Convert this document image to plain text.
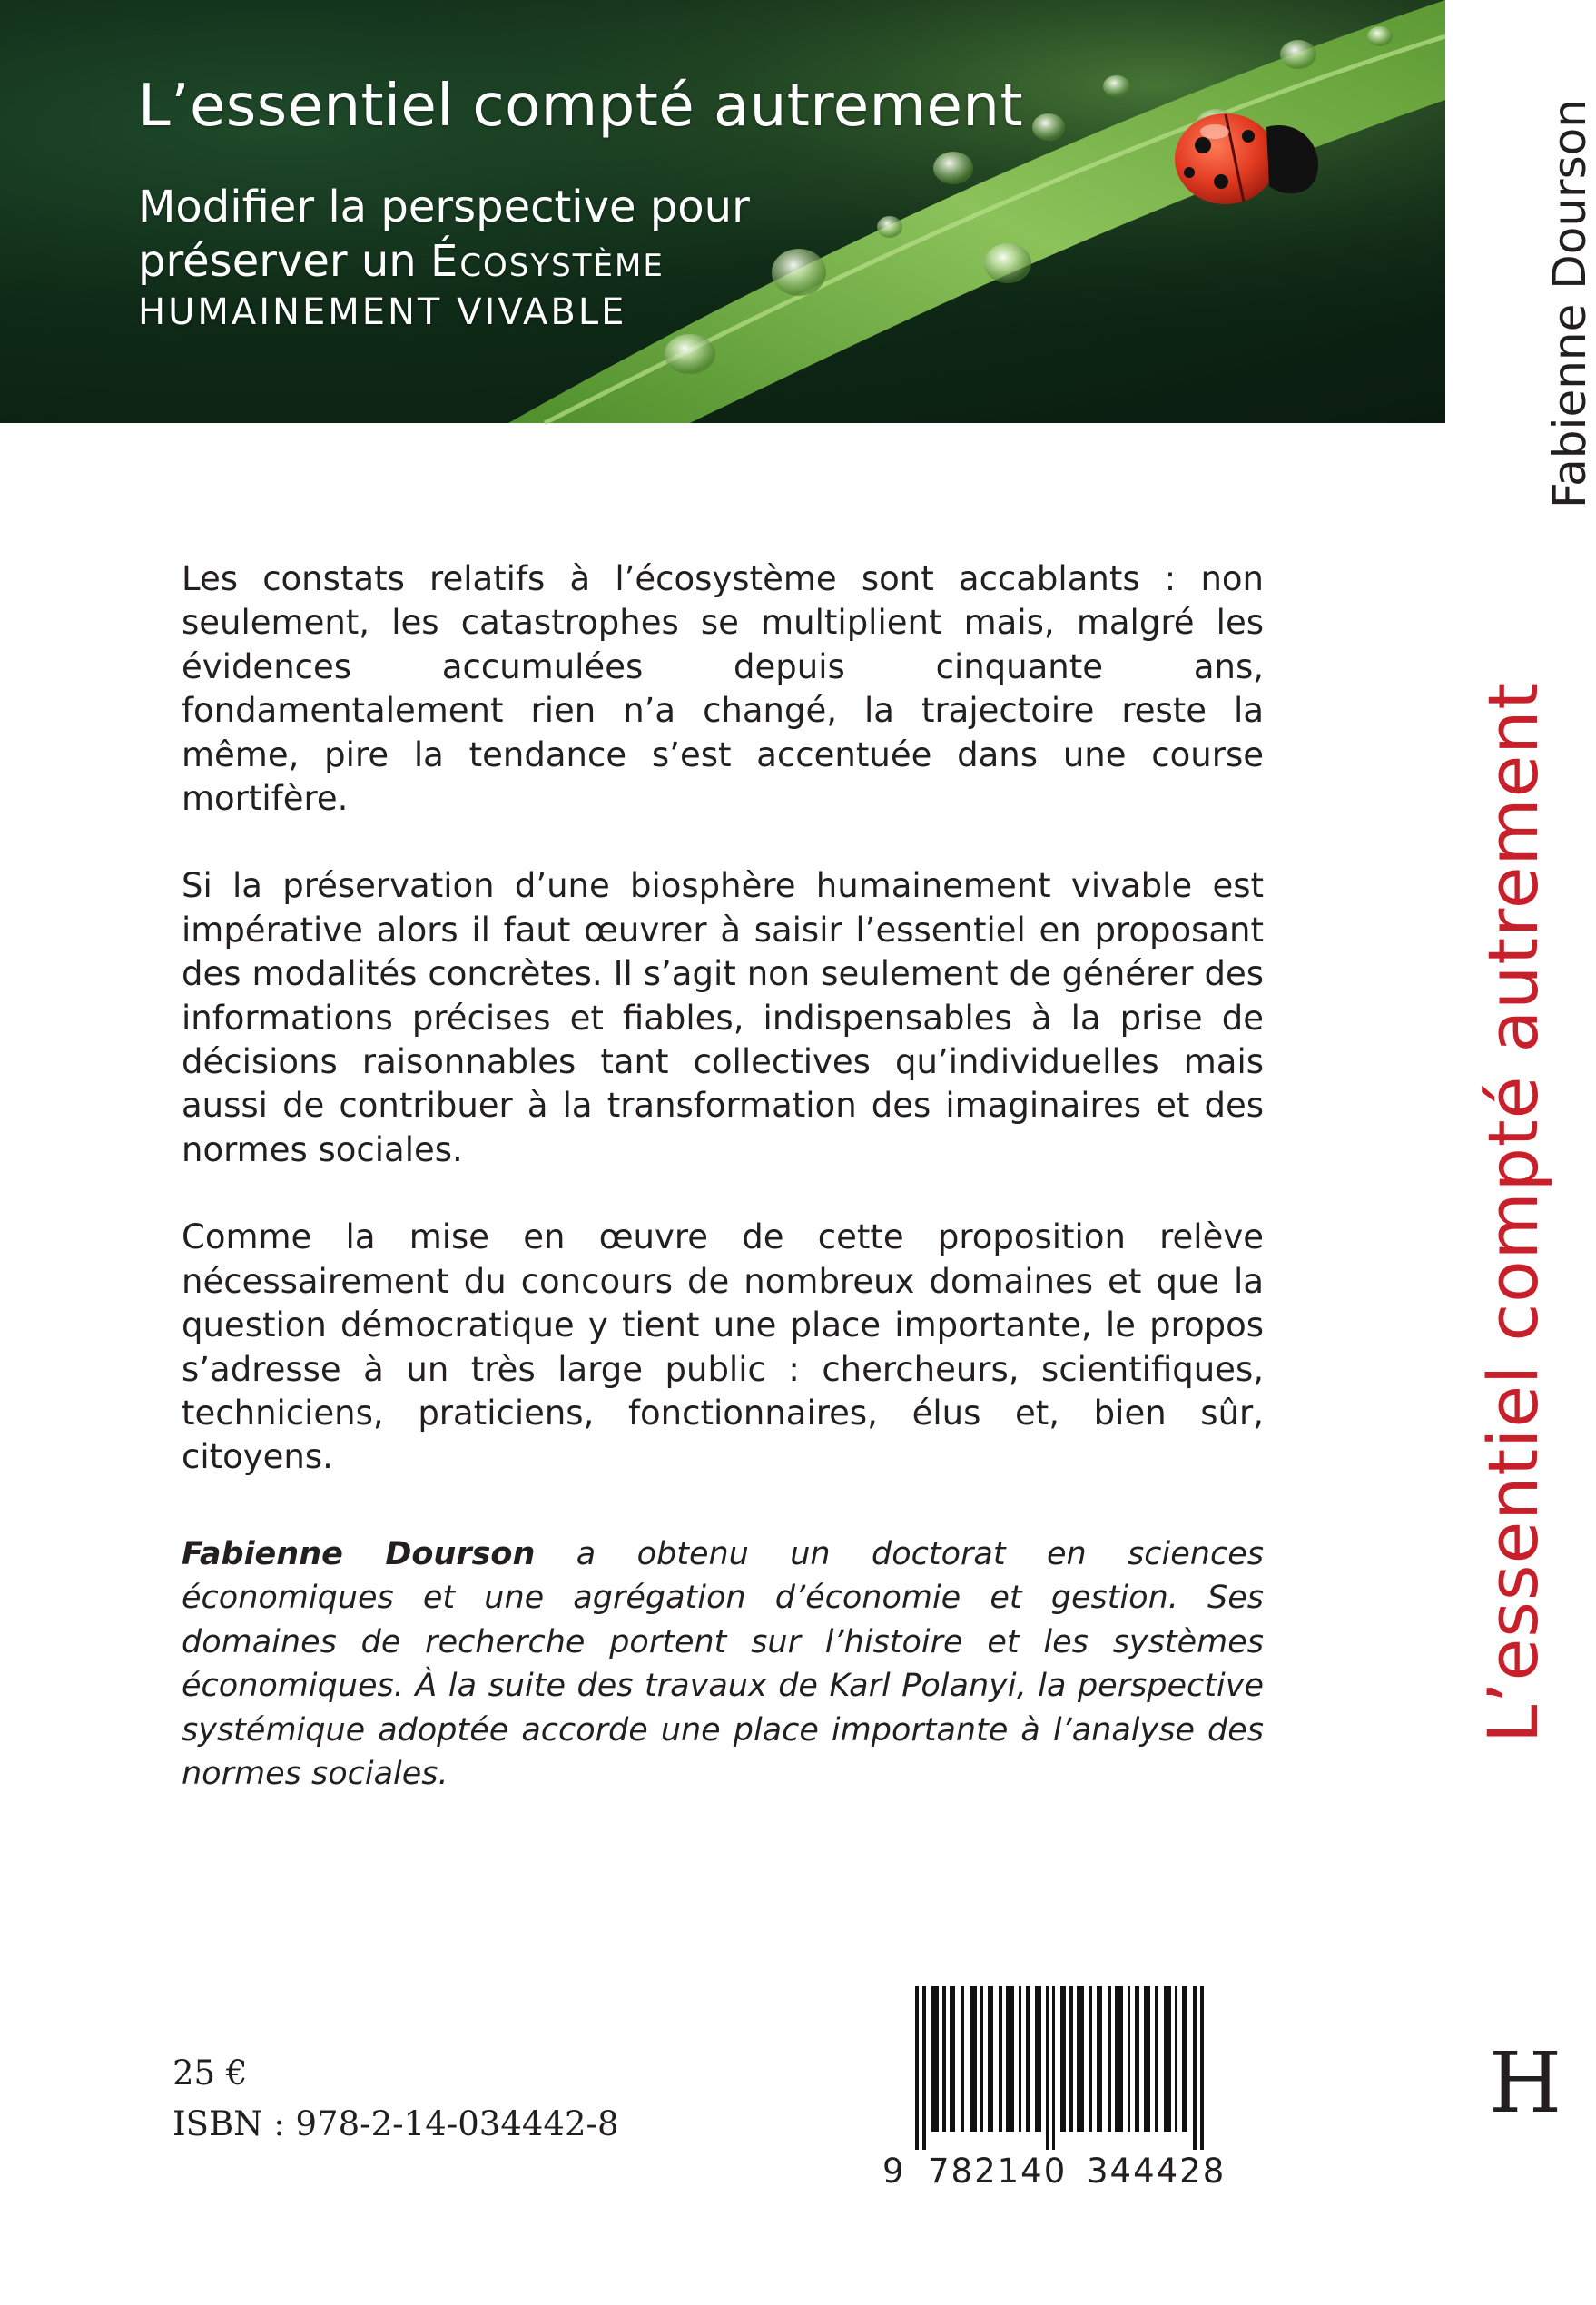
L’essentiel compté autrement
Modifier la perspective pour
préserver un Écosystème
HUMAINEMENT VIVABLE

Les constats relatifs à l’écosystème sont accablants : non seulement, les catastrophes se multiplient mais, malgré les évidences accumulées depuis cinquante ans, fondamentalement rien n’a changé, la trajectoire reste la même, pire la tendance s’est accentuée dans une course mortifère.

Si la préservation d’une biosphère humainement vivable est impérative alors il faut œuvrer à saisir l’essentiel en proposant des modalités concrètes. Il s’agit non seulement de générer des informations précises et fiables, indispensables à la prise de décisions raisonnables tant collectives qu’individuelles mais aussi de contribuer à la transformation des imaginaires et des normes sociales.

Comme la mise en œuvre de cette proposition relève nécessairement du concours de nombreux domaines et que la question démocratique y tient une place importante, le propos s’adresse à un très large public : chercheurs, scientifiques, techniciens, praticiens, fonctionnaires, élus et, bien sûr, citoyens.

Fabienne Dourson a obtenu un doctorat en sciences économiques et une agrégation d’économie et gestion. Ses domaines de recherche portent sur l’histoire et les systèmes économiques. À la suite des travaux de Karl Polanyi, la perspective systémique adoptée accorde une place importante à l’analyse des normes sociales.
L’essentiel compté autrement
Fabienne Dourson
25 €
ISBN : 978-2-14-034442-8
9 782140 344428
H
